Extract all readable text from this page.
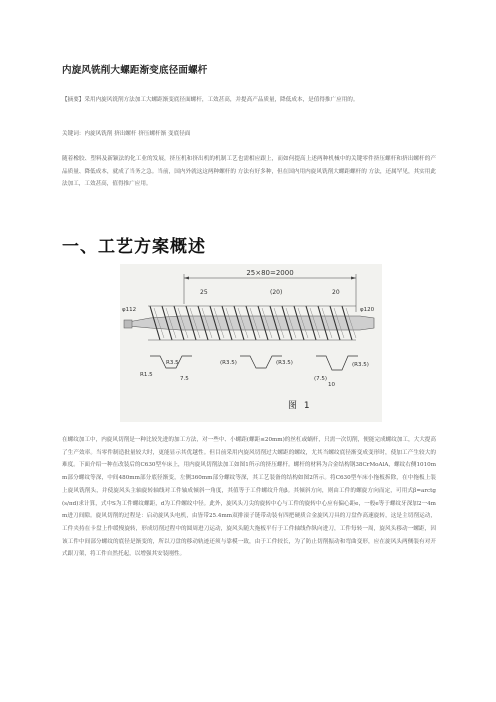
内旋风铣削大螺距渐变底径面螺杆
【摘要】采用内旋风铣削方法加工大螺距渐变底径面螺杆，工效甚高，并提高产品质量，降低成本，是值得推广应用的。
关键词：内旋风铣削 挤出螺杆 挤压螺杆渐 变底径面
随着橡胶、塑料及新颖法的化工业的发展，挤压机和挤出机的机制工艺也需相应跟上，而如何提高上述两种机械中的关键零件挤压螺杆和挤出螺杆的产品质量、降低成本，就成了当务之急。当前，国内外就这这两种螺杆的 方法有好多种，但在国内用内旋风铣削大螺距螺杆的 方法，还属罕见，其实用此法加工，工效甚高，值得推广应用。
一、工艺方案概述
25×80=2000
25	(20)	20
φ112	φ120
R3.5
R1.5
(R3.5)	(R3.5)	(R3.5)
(7.5)
7.5
10
图 1
在螺纹加工中，内旋风切削是一种比较先进的加工方法，对一些中、小螺距(螺距≤20mm)的丝杠或蜗杆，只需一次切削，便能完成螺纹加工，大大提高了生产效率。当零件制造批量较大时，更能显示其优越性。但目前采用内旋风切削过大螺距的螺纹，尤其当螺纹底径渐变成变形时，使加工产生较大的难度。下面介绍一种在改装后的C630型车床上，用内旋风切削法加工如图1所示的挤压螺杆。螺杆的材料为合金结构钢38CrMoAlA，螺纹右侧1010mm部分螺纹等深，中间480mm部分底径渐变，左侧360mm部分螺纹等深，其工艺装备的结构如图2所示。将C630型车床小拖板拆除，在中拖板上装上旋风铣削头，并使旋风头主轴旋转轴线对工件轴成倾斜一角度，其值等于工件螺纹升角β。其倾斜方向，则由工件的螺旋方向而定，可用式β=arctg(s/πd)求计算，式中S为工件螺纹螺距，d为工件螺纹中径。此外，旋风头刀尖的旋转中心与工件的旋转中心应有偏心距e，一般e等于螺纹牙深加2一4mm进刀间隙。旋风切削的过程是：启动旋风头电机，由皆带25.4mm双排滚子链带动装有四把硬质合金旋风刀具的刀盘作高速旋转，这是主切削运动，工件夹持在卡盘上作缓慢旋转，形成切削过程中的圆周进刀运动，旋风头随大拖板平行于工件轴线作纵向进刀，工件每转一周，旋风头移动一螺距，因该工件中间部分螺纹的底径是渐变的，所以刀盘的移动轨迹还须与靠模一致，由于工件较长，为了防止切削振动和弯曲变形，应在旋风头两侧装有对开式跟刀架，将工件自然托起，以增强其安装刚性。
